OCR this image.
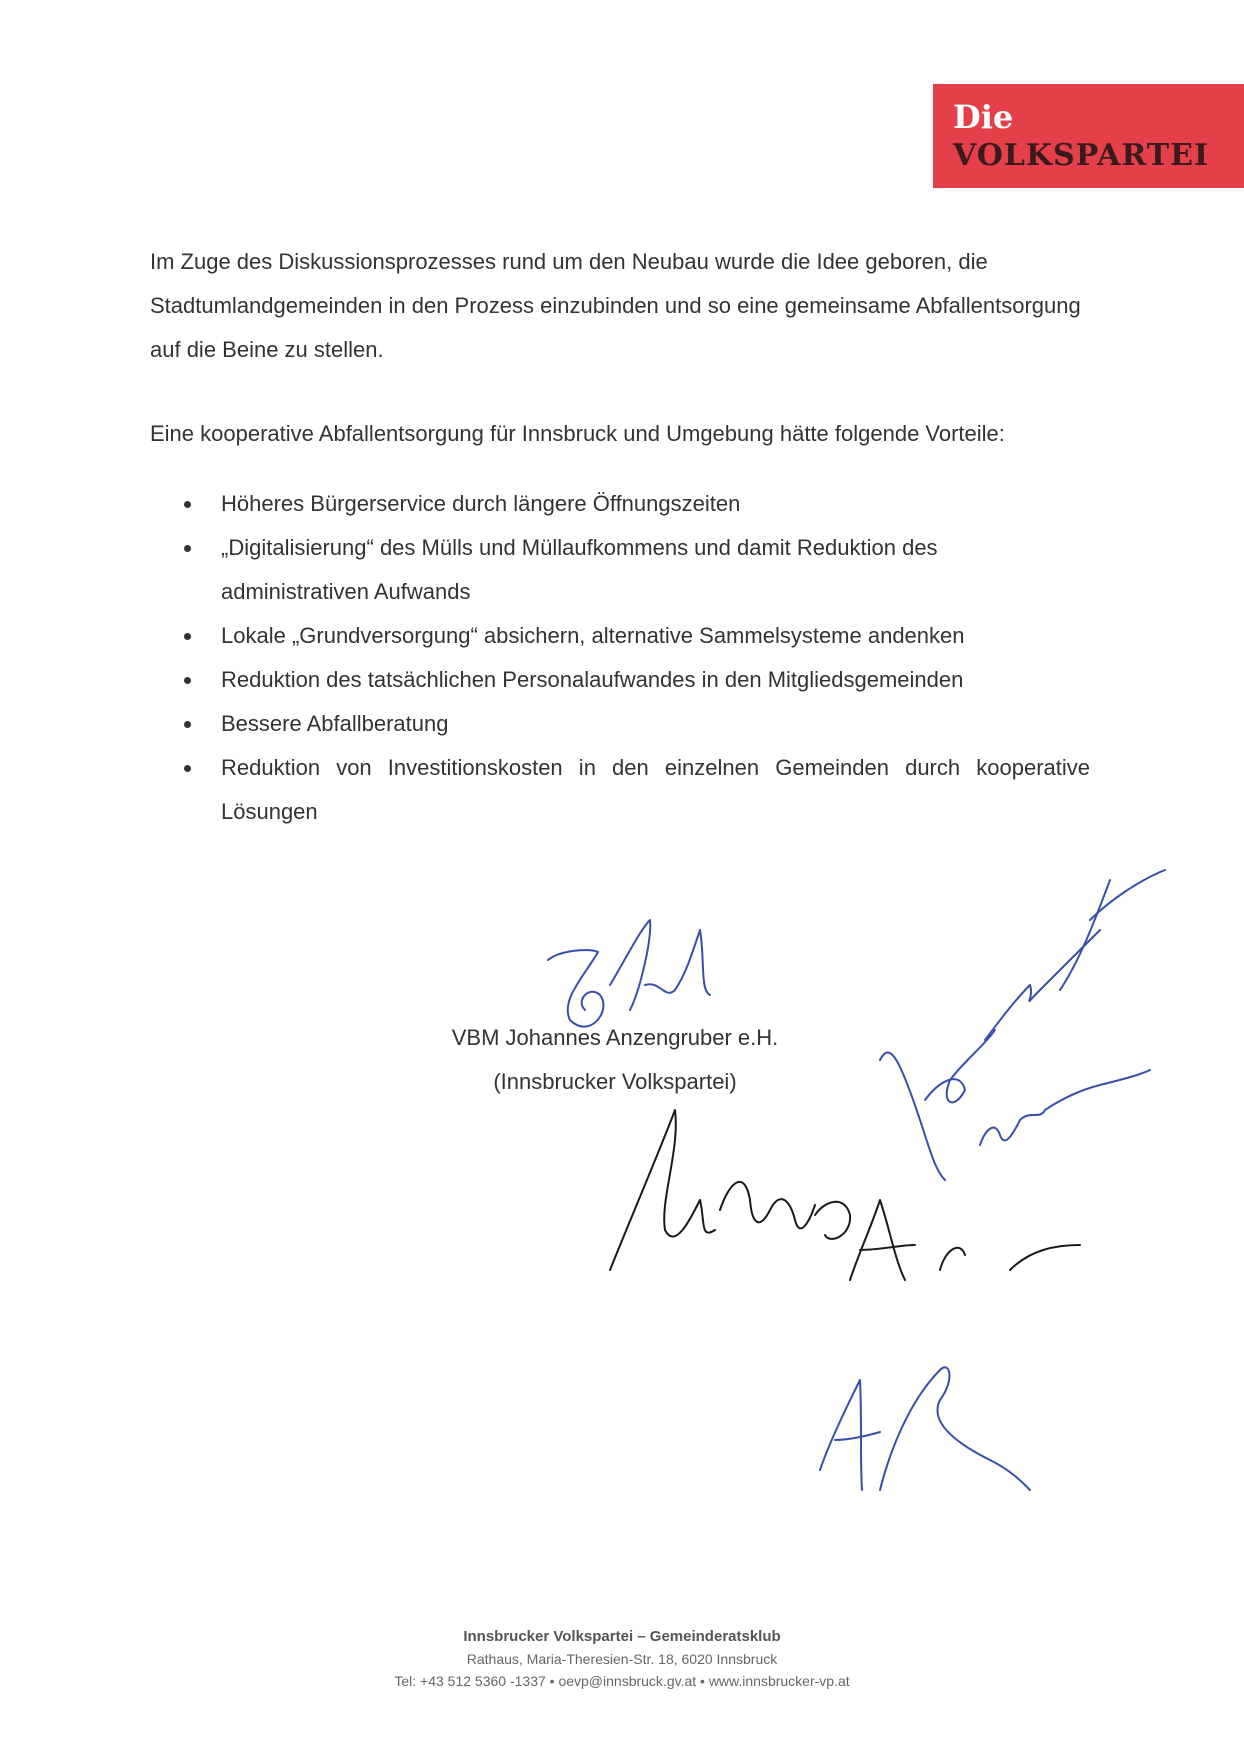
Die
VOLKSPARTEI

Im Zuge des Diskussionsprozesses rund um den Neubau wurde die Idee geboren, die Stadtumlandgemeinden in den Prozess einzubinden und so eine gemeinsame Abfallentsorgung auf die Beine zu stellen.

Eine kooperative Abfallentsorgung für Innsbruck und Umgebung hätte folgende Vorteile:

Höheres Bürgerservice durch längere Öffnungszeiten
„Digitalisierung“ des Mülls und Müllaufkommens und damit Reduktion des administrativen Aufwands
Lokale „Grundversorgung“ absichern, alternative Sammelsysteme andenken
Reduktion des tatsächlichen Personalaufwandes in den Mitgliedsgemeinden
Bessere Abfallberatung
Reduktion von Investitionskosten in den einzelnen Gemeinden durch kooperative Lösungen
VBM Johannes Anzengruber e.H.
(Innsbrucker Volkspartei)
Innsbrucker Volkspartei – Gemeinderatsklub
Rathaus, Maria-Theresien-Str. 18, 6020 Innsbruck
Tel: +43 512 5360 -1337 • oevp@innsbruck.gv.at • www.innsbrucker-vp.at
